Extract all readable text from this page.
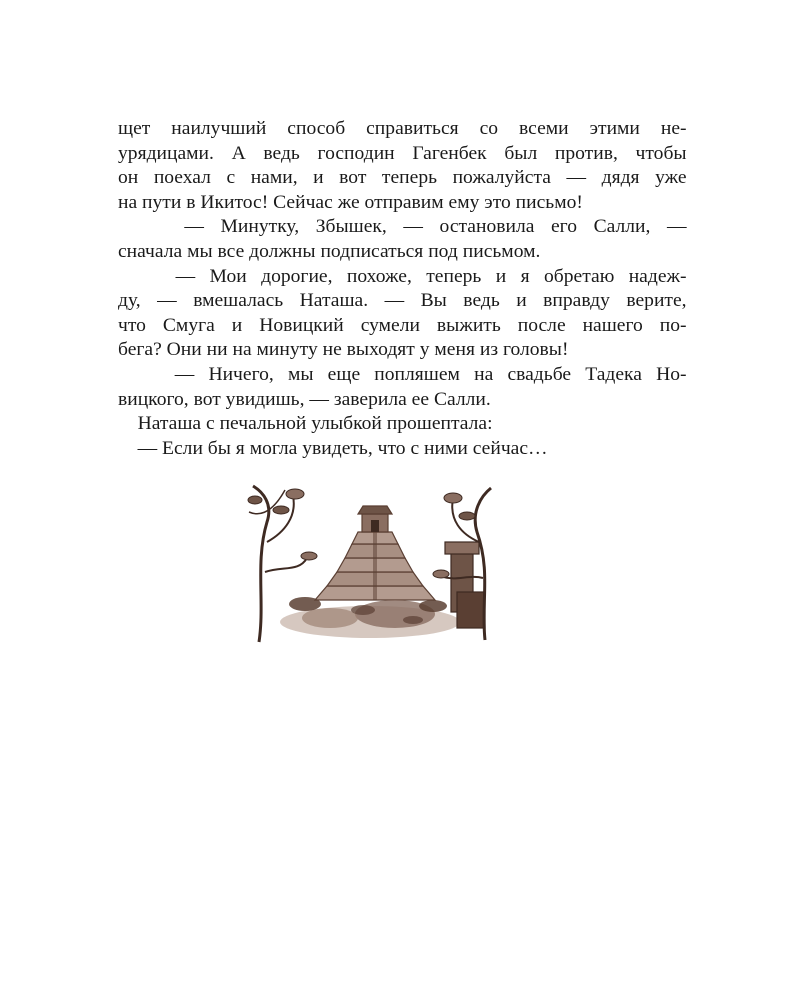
щет наилучший способ справиться со всеми этими не-
урядицами. А ведь господин Гагенбек был против, чтобы
он поехал с нами, и вот теперь пожалуйста — дядя уже
на пути в Икитос! Сейчас же отправим ему это письмо!
— Минутку, Збышек, — остановила его Салли, —
сначала мы все должны подписаться под письмом.
— Мои дорогие, похоже, теперь и я обретаю надеж-
ду, — вмешалась Наташа. — Вы ведь и вправду верите,
что Смуга и Новицкий сумели выжить после нашего по-
бега? Они ни на минуту не выходят у меня из головы!
— Ничего, мы еще попляшем на свадьбе Тадека Но-
вицкого, вот увидишь, — заверила ее Салли.
Наташа с печальной улыбкой прошептала:
— Если бы я могла увидеть, что с ними сейчас…
